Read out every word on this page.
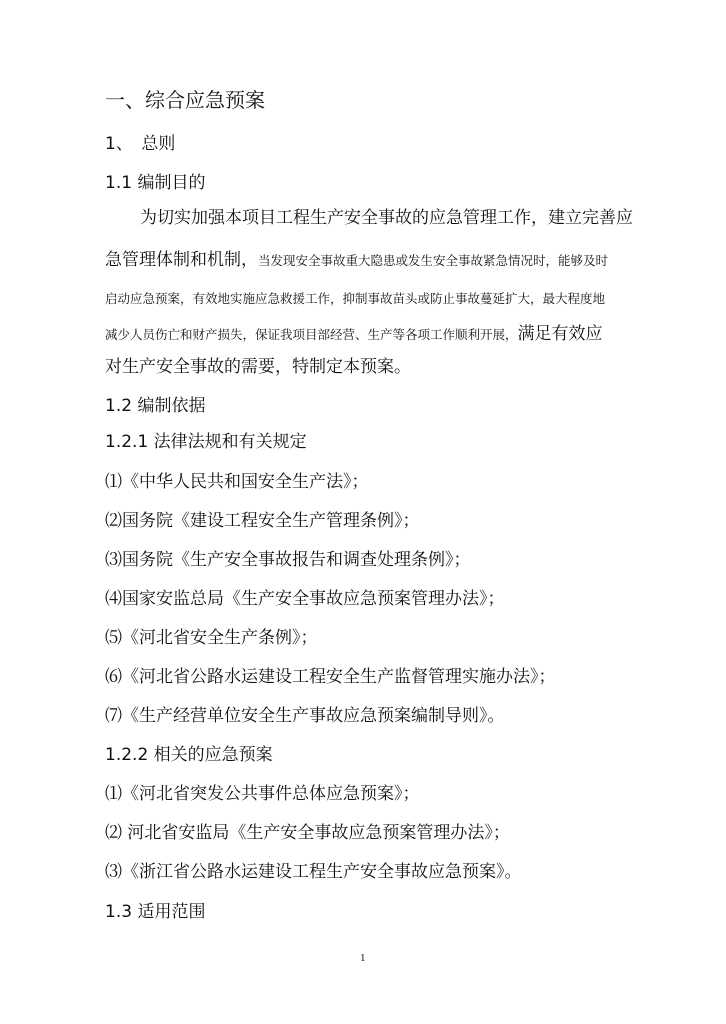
一、综合应急预案
1、　总则
1.1 编制目的
为切实加强本项目工程生产安全事故的应急管理工作，建立完善应
急管理体制和机制，当发现安全事故重大隐患或发生安全事故紧急情况时，能够及时
启动应急预案，有效地实施应急救援工作，抑制事故苗头或防止事故蔓延扩大，最大程度地
减少人员伤亡和财产损失，保证我项目部经营、生产等各项工作顺利开展，满足有效应
对生产安全事故的需要，特制定本预案。
1.2 编制依据
1.2.1 法律法规和有关规定
⑴《中华人民共和国安全生产法》；
⑵国务院《建设工程安全生产管理条例》；
⑶国务院《生产安全事故报告和调查处理条例》；
⑷国家安监总局《生产安全事故应急预案管理办法》；
⑸《河北省安全生产条例》；
⑹《河北省公路水运建设工程安全生产监督管理实施办法》；
⑺《生产经营单位安全生产事故应急预案编制导则》。
1.2.2 相关的应急预案
⑴《河北省突发公共事件总体应急预案》；
⑵ 河北省安监局《生产安全事故应急预案管理办法》；
⑶《浙江省公路水运建设工程生产安全事故应急预案》。
1.3 适用范围
1
